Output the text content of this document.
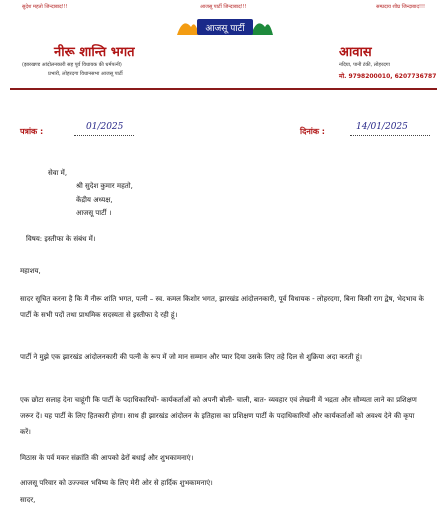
सुदेश महतो जिन्दाबाद!!!	आजसू पार्टी जिन्दाबाद!!!	सम्प्रदाय शीघ्र जिन्दाबाद!!!
आजसू पार्टी
नीरू शान्ति भगत
(झारखण्ड आंदोलनकारी सह पूर्व विधायक की धर्मपत्नी)
प्रभारी, लोहरदगा विधानसभा आजसू पार्टी
आवास
नदिया, पानी टंकी, लोहरदगा
मो. 9798200010, 6207736787
पत्रांक :	01/2025	दिनांक :	14/01/2025
सेवा में,
श्री सुदेश कुमार महतो,
केंद्रीय अध्यक्ष,
आजसू पार्टी ।
विषय: इस्तीफा के संबंध में।
महाशय,
सादर सूचित करना है कि मैं नीरू शांति भगत, पत्नी – स्व. कमल किशोर भगत, झारखंड आंदोलनकारी, पूर्व विधायक - लोहरदगा, बिना किसी राग द्वेष, भेदभाव के पार्टी के सभी पदों तथा प्राथमिक सदस्यता से इस्तीफा दे रही हूं।
पार्टी ने मुझे एक झारखंड आंदोलनकारी की पत्नी के रूप में जो मान सम्मान और प्यार दिया उसके लिए तहे दिल से शुक्रिया अदा करती हूं।
एक छोटा सलाह देना चाहूंगी कि पार्टी के पदाधिकारियों- कार्यकर्ताओं को अपनी बोली- चाली, बात- व्यवहार एवं लेखनी में भद्रता और सौम्यता लाने का प्रशिक्षण जरूर दें। यह पार्टी के लिए हितकारी होगा। साथ ही झारखंड आंदोलन के इतिहास का प्रशिक्षण पार्टी के पदाधिकारियों और कार्यकर्ताओं को अवश्य देने की कृपा करें।
मिठास के पर्व मकर संक्रांति की आपको ढेरों बधाई और शुभकामनाएं।
आजसू परिवार को उज्ज्वल भविष्य के लिए मेरी ओर से हार्दिक शुभकामनाएं।
सादर,
